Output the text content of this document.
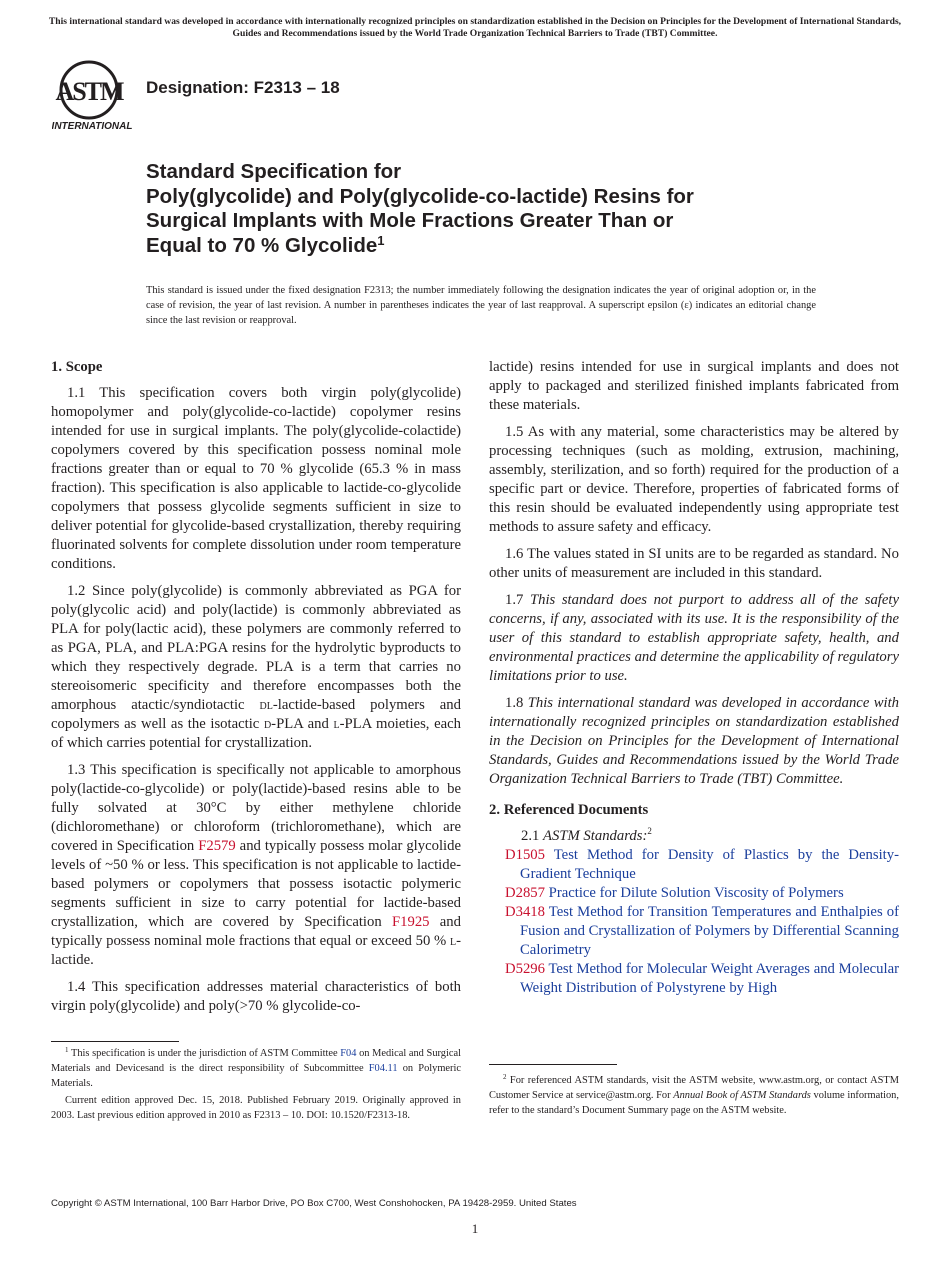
This international standard was developed in accordance with internationally recognized principles on standardization established in the Decision on Principles for the Development of International Standards, Guides and Recommendations issued by the World Trade Organization Technical Barriers to Trade (TBT) Committee.
ASTM
INTERNATIONAL
Designation: F2313 – 18
Standard Specification for
Poly(glycolide) and Poly(glycolide-co-lactide) Resins for
Surgical Implants with Mole Fractions Greater Than or
Equal to 70 % Glycolide$^1$
This standard is issued under the fixed designation F2313; the number immediately following the designation indicates the year of original adoption or, in the case of revision, the year of last revision. A number in parentheses indicates the year of last reapproval. A superscript epsilon (ε) indicates an editorial change since the last revision or reapproval.
1. Scope

1.1 This specification covers both virgin poly(glycolide) homopolymer and poly(glycolide-co-lactide) copolymer resins intended for use in surgical implants. The poly(glycolide-colactide) copolymers covered by this specification possess nominal mole fractions greater than or equal to 70 % glycolide (65.3 % in mass fraction). This specification is also applicable to lactide-co-glycolide copolymers that possess glycolide segments sufficient in size to deliver potential for glycolide-based crystallization, thereby requiring fluorinated solvents for complete dissolution under room temperature conditions.

1.2 Since poly(glycolide) is commonly abbreviated as PGA for poly(glycolic acid) and poly(lactide) is commonly abbreviated as PLA for poly(lactic acid), these polymers are commonly referred to as PGA, PLA, and PLA:PGA resins for the hydrolytic byproducts to which they respectively degrade. PLA is a term that carries no stereoisomeric specificity and therefore encompasses both the amorphous atactic/syndiotactic dl-lactide-based polymers and copolymers as well as the isotactic d-PLA and l-PLA moieties, each of which carries potential for crystallization.

1.3 This specification is specifically not applicable to amorphous poly(lactide-co-glycolide) or poly(lactide)-based resins able to be fully solvated at 30°C by either methylene chloride (dichloromethane) or chloroform (trichloromethane), which are covered in Specification F2579 and typically possess molar glycolide levels of ~50 % or less. This specification is not applicable to lactide-based polymers or copolymers that possess isotactic polymeric segments sufficient in size to carry potential for lactide-based crystallization, which are covered by Specification F1925 and typically possess nominal mole fractions that equal or exceed 50 % l-lactide.

1.4 This specification addresses material characteristics of both virgin poly(glycolide) and poly(>70 % glycolide-co-

$^1$ This specification is under the jurisdiction of ASTM Committee F04 on Medical and Surgical Materials and Devicesand is the direct responsibility of Subcommittee F04.11 on Polymeric Materials.

Current edition approved Dec. 15, 2018. Published February 2019. Originally approved in 2003. Last previous edition approved in 2010 as F2313 – 10. DOI: 10.1520/F2313-18.

lactide) resins intended for use in surgical implants and does not apply to packaged and sterilized finished implants fabricated from these materials.

1.5 As with any material, some characteristics may be altered by processing techniques (such as molding, extrusion, machining, assembly, sterilization, and so forth) required for the production of a specific part or device. Therefore, properties of fabricated forms of this resin should be evaluated independently using appropriate test methods to assure safety and efficacy.

1.6 The values stated in SI units are to be regarded as standard. No other units of measurement are included in this standard.

1.7 This standard does not purport to address all of the safety concerns, if any, associated with its use. It is the responsibility of the user of this standard to establish appropriate safety, health, and environmental practices and determine the applicability of regulatory limitations prior to use.

1.8 This international standard was developed in accordance with internationally recognized principles on standardization established in the Decision on Principles for the Development of International Standards, Guides and Recommendations issued by the World Trade Organization Technical Barriers to Trade (TBT) Committee.

2. Referenced Documents

2.1 ASTM Standards:$^2$

D1505 Test Method for Density of Plastics by the Density-Gradient Technique

D2857 Practice for Dilute Solution Viscosity of Polymers

D3418 Test Method for Transition Temperatures and Enthalpies of Fusion and Crystallization of Polymers by Differential Scanning Calorimetry

D5296 Test Method for Molecular Weight Averages and Molecular Weight Distribution of Polystyrene by High

$^2$ For referenced ASTM standards, visit the ASTM website, www.astm.org, or contact ASTM Customer Service at service@astm.org. For Annual Book of ASTM Standards volume information, refer to the standard’s Document Summary page on the ASTM website.

Copyright © ASTM International, 100 Barr Harbor Drive, PO Box C700, West Conshohocken, PA 19428-2959. United States
1
